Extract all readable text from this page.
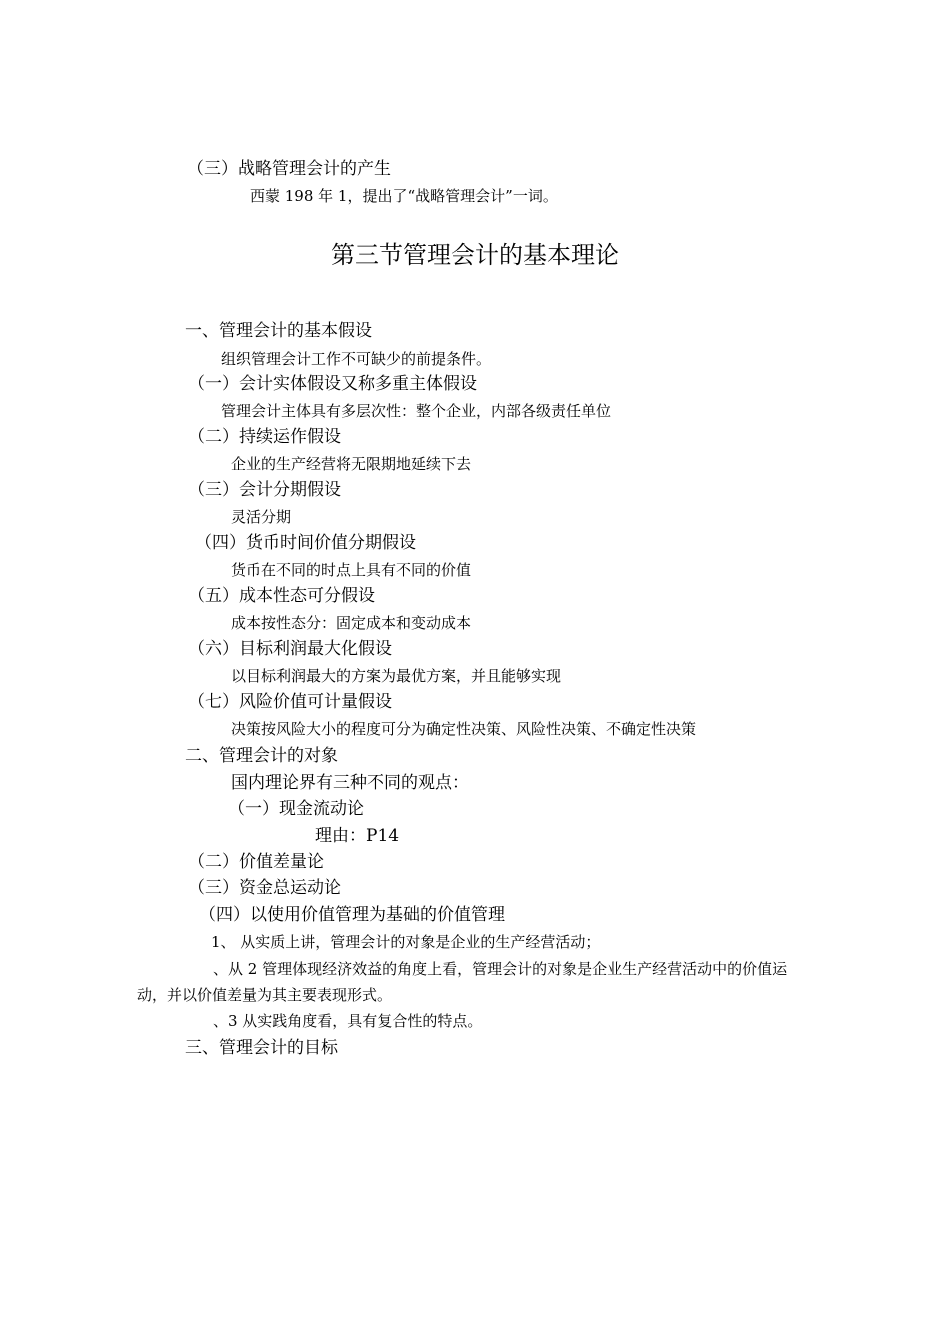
（三）战略管理会计的产生
西蒙 198 年 1，提出了“战略管理会计”一词。
第三节管理会计的基本理论
一、管理会计的基本假设
组织管理会计工作不可缺少的前提条件。
（一）会计实体假设又称多重主体假设
管理会计主体具有多层次性：整个企业，内部各级责任单位
（二）持续运作假设
企业的生产经营将无限期地延续下去
（三）会计分期假设
灵活分期
（四）货币时间价值分期假设
货币在不同的时点上具有不同的价值
（五）成本性态可分假设
成本按性态分：固定成本和变动成本
（六）目标利润最大化假设
以目标利润最大的方案为最优方案，并且能够实现
（七）风险价值可计量假设
决策按风险大小的程度可分为确定性决策、风险性决策、不确定性决策
二、管理会计的对象
国内理论界有三种不同的观点：
（一）现金流动论
理由：P14
（二）价值差量论
（三）资金总运动论
（四）以使用价值管理为基础的价值管理
1、 从实质上讲，管理会计的对象是企业的生产经营活动；
、从 2 管理体现经济效益的角度上看，管理会计的对象是企业生产经营活动中的价值运
动，并以价值差量为其主要表现形式。
、3 从实践角度看，具有复合性的特点。
三、管理会计的目标
